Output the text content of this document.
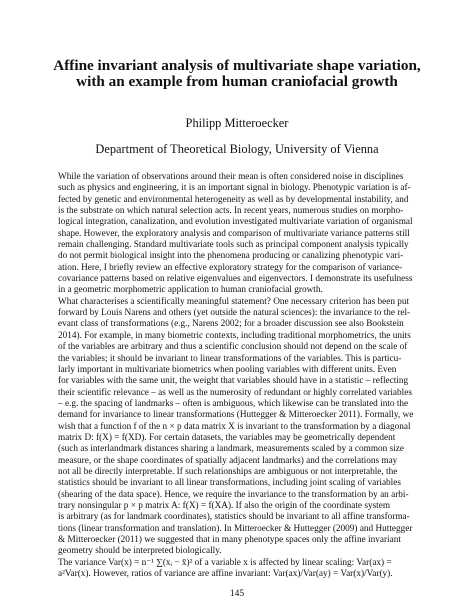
Affine invariant analysis of multivariate shape variation, with an example from human craniofacial growth

Philipp Mitteroecker

Department of Theoretical Biology, University of Vienna

While the variation of observations around their mean is often considered noise in disciplines
such as physics and engineering, it is an important signal in biology. Phenotypic variation is af-
fected by genetic and environmental heterogeneity as well as by developmental instability, and
is the substrate on which natural selection acts. In recent years, numerous studies on morpho-
logical integration, canalization, and evolution investigated multivariate variation of organismal
shape. However, the exploratory analysis and comparison of multivariate variance patterns still
remain challenging. Standard multivariate tools such as principal component analysis typically
do not permit biological insight into the phenomena producing or canalizing phenotypic vari-
ation. Here, I briefly review an effective exploratory strategy for the comparison of variance-
covariance patterns based on relative eigenvalues and eigenvectors. I demonstrate its usefulness
in a geometric morphometric application to human craniofacial growth.
What characterises a scientifically meaningful statement? One necessary criterion has been put
forward by Louis Narens and others (yet outside the natural sciences): the invariance to the rel-
evant class of transformations (e.g., Narens 2002; for a broader discussion see also Bookstein
2014). For example, in many biometric contexts, including traditional morphometrics, the units
of the variables are arbitrary and thus a scientific conclusion should not depend on the scale of
the variables; it should be invariant to linear transformations of the variables. This is particu-
larly important in multivariate biometrics when pooling variables with different units. Even
for variables with the same unit, the weight that variables should have in a statistic – reflecting
their scientific relevance – as well as the numerosity of redundant or highly correlated variables
– e.g. the spacing of landmarks – often is ambiguous, which likewise can be translated into the
demand for invariance to linear transformations (Huttegger & Mitteroecker 2011). Formally, we
wish that a function f of the n × p data matrix X is invariant to the transformation by a diagonal
matrix D: f(X) = f(XD). For certain datasets, the variables may be geometrically dependent
(such as interlandmark distances sharing a landmark, measurements scaled by a common size
measure, or the shape coordinates of spatially adjacent landmarks) and the correlations may
not all be directly interpretable. If such relationships are ambiguous or not interpretable, the
statistics should be invariant to all linear transformations, including joint scaling of variables
(shearing of the data space). Hence, we require the invariance to the transformation by an arbi-
trary nonsingular p × p matrix A: f(X) = f(XA). If also the origin of the coordinate system
is arbitrary (as for landmark coordinates), statistics should be invariant to all affine transforma-
tions (linear transformation and translation). In Mitteroecker & Huttegger (2009) and Huttegger
& Mitteroecker (2011) we suggested that in many phenotype spaces only the affine invariant
geometry should be interpreted biologically.
The variance Var(x) = n⁻¹ ∑(xᵢ − x̄)² of a variable x is affected by linear scaling: Var(ax) =
a²Var(x). However, ratios of variance are affine invariant: Var(ax)/Var(ay) = Var(x)/Var(y).
145
